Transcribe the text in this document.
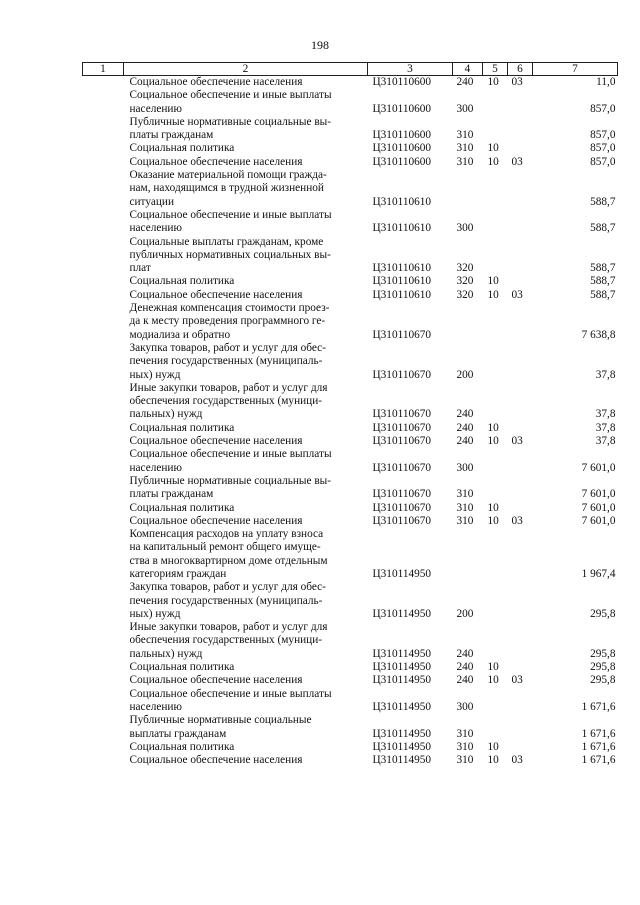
198
1	2	3	4	5	6	7

	Социальное обеспечение населения	Ц310110600	240	10	03	11,0

	Социальное обеспечение и иные выплаты
населению	Ц310110600	300			857,0

	Публичные нормативные социальные вы-
платы гражданам	Ц310110600	310			857,0

	Социальная политика	Ц310110600	310	10		857,0

	Социальное обеспечение населения	Ц310110600	310	10	03	857,0

	Оказание материальной помощи гражда-
нам, находящимся в трудной жизненной
ситуации	Ц310110610				588,7

	Социальное обеспечение и иные выплаты
населению	Ц310110610	300			588,7

	Социальные выплаты гражданам, кроме
публичных нормативных социальных вы-
плат	Ц310110610	320			588,7

	Социальная политика	Ц310110610	320	10		588,7

	Социальное обеспечение населения	Ц310110610	320	10	03	588,7

	Денежная компенсация стоимости проез-
да к месту проведения программного ге-
модиализа и обратно	Ц310110670				7 638,8

	Закупка товаров, работ и услуг для обес-
печения государственных (муниципаль-
ных) нужд	Ц310110670	200			37,8

	Иные закупки товаров, работ и услуг для
обеспечения государственных (муници-
пальных) нужд	Ц310110670	240			37,8

	Социальная политика	Ц310110670	240	10		37,8

	Социальное обеспечение населения	Ц310110670	240	10	03	37,8

	Социальное обеспечение и иные выплаты
населению	Ц310110670	300			7 601,0

	Публичные нормативные социальные вы-
платы гражданам	Ц310110670	310			7 601,0

	Социальная политика	Ц310110670	310	10		7 601,0

	Социальное обеспечение населения	Ц310110670	310	10	03	7 601,0

	Компенсация расходов на уплату взноса
на капитальный ремонт общего имуще-
ства в многоквартирном доме отдельным
категориям граждан	Ц310114950				1 967,4

	Закупка товаров, работ и услуг для обес-
печения государственных (муниципаль-
ных) нужд	Ц310114950	200			295,8

	Иные закупки товаров, работ и услуг для
обеспечения государственных (муници-
пальных) нужд	Ц310114950	240			295,8

	Социальная политика	Ц310114950	240	10		295,8

	Социальное обеспечение населения	Ц310114950	240	10	03	295,8

	Социальное обеспечение и иные выплаты
населению	Ц310114950	300			1 671,6

	Публичные нормативные социальные
выплаты гражданам	Ц310114950	310			1 671,6

	Социальная политика	Ц310114950	310	10		1 671,6

	Социальное обеспечение населения	Ц310114950	310	10	03	1 671,6
